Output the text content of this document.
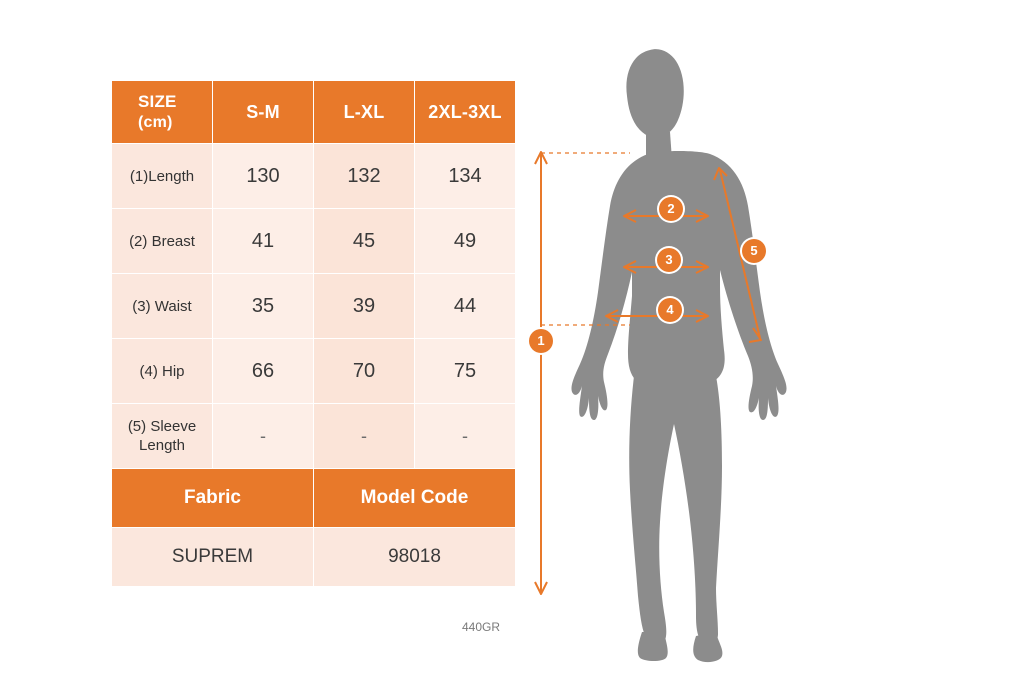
SIZE
(cm)	S-M	L-XL	2XL-3XL
(1)Length	130	132	134
(2) Breast	41	45	49
(3) Waist	35	39	44
(4) Hip	66	70	75
(5) Sleeve Length	-	-	-
Fabric		Model Code	
SUPREM		98018	
440GR
1
2
3
4
5
